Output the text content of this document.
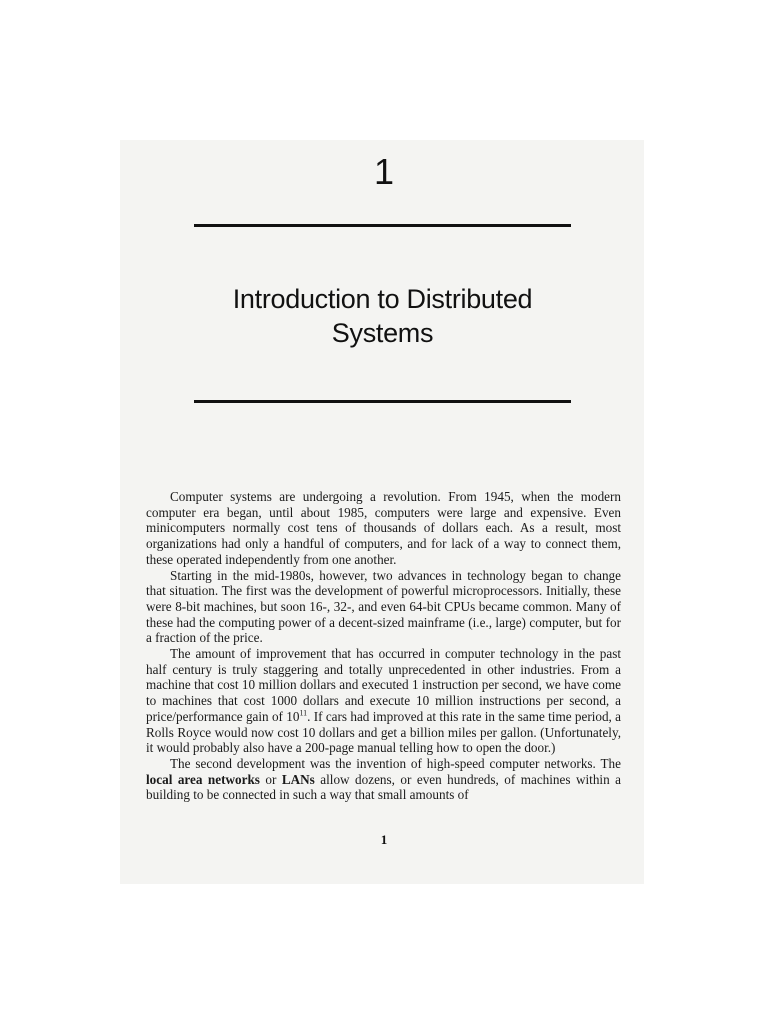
1
Introduction to Distributed
Systems

Computer systems are undergoing a revolution. From 1945, when the modern computer era began, until about 1985, computers were large and expensive. Even minicomputers normally cost tens of thousands of dollars each. As a result, most organizations had only a handful of computers, and for lack of a way to connect them, these operated independently from one another.

Starting in the mid-1980s, however, two advances in technology began to change that situation. The first was the development of powerful microprocessors. Initially, these were 8-bit machines, but soon 16-, 32-, and even 64-bit CPUs became common. Many of these had the computing power of a decent-sized mainframe (i.e., large) computer, but for a fraction of the price.

The amount of improvement that has occurred in computer technology in the past half century is truly staggering and totally unprecedented in other industries. From a machine that cost 10 million dollars and executed 1 instruction per second, we have come to machines that cost 1000 dollars and execute 10 million instructions per second, a price/performance gain of $10^{11}$. If cars had improved at this rate in the same time period, a Rolls Royce would now cost 10 dollars and get a billion miles per gallon. (Unfortunately, it would probably also have a 200-page manual telling how to open the door.)

The second development was the invention of high-speed computer networks. The local area networks or LANs allow dozens, or even hundreds, of machines within a building to be connected in such a way that small amounts of

1
